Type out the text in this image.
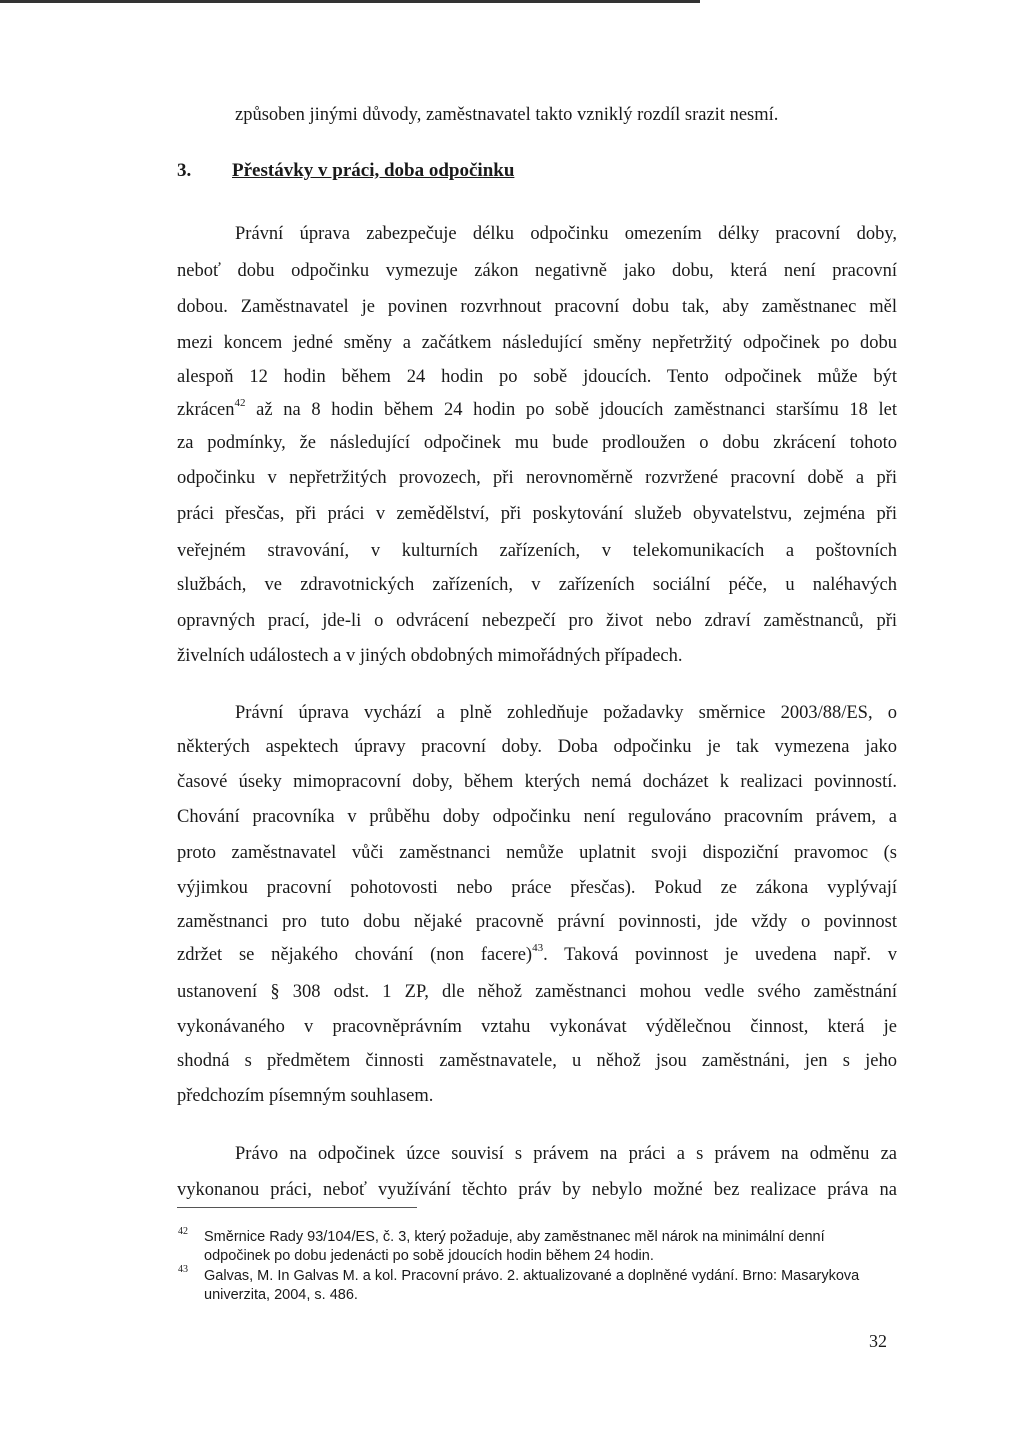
způsoben jinými důvody, zaměstnavatel takto vzniklý rozdíl srazit nesmí.
3. Přestávky v práci, doba odpočinku
Právní úprava zabezpečuje délku odpočinku omezením délky pracovní doby,
neboť dobu odpočinku vymezuje zákon negativně jako dobu, která není pracovní
dobou. Zaměstnavatel je povinen rozvrhnout pracovní dobu tak, aby zaměstnanec měl
mezi koncem jedné směny a začátkem následující směny nepřetržitý odpočinek po dobu
alespoň 12 hodin během 24 hodin po sobě jdoucích. Tento odpočinek může být
zkrácen$^{42}$ až na 8 hodin během 24 hodin po sobě jdoucích zaměstnanci staršímu 18 let
za podmínky, že následující odpočinek mu bude prodloužen o dobu zkrácení tohoto
odpočinku v nepřetržitých provozech, při nerovnoměrně rozvržené pracovní době a při
práci přesčas, při práci v zemědělství, při poskytování služeb obyvatelstvu, zejména při
veřejném stravování, v kulturních zařízeních, v telekomunikacích a poštovních
službách, ve zdravotnických zařízeních, v zařízeních sociální péče, u naléhavých
opravných prací, jde-li o odvrácení nebezpečí pro život nebo zdraví zaměstnanců, při
živelních událostech a v jiných obdobných mimořádných případech.
Právní úprava vychází a plně zohledňuje požadavky směrnice 2003/88/ES, o
některých aspektech úpravy pracovní doby. Doba odpočinku je tak vymezena jako
časové úseky mimopracovní doby, během kterých nemá docházet k realizaci povinností.
Chování pracovníka v průběhu doby odpočinku není regulováno pracovním právem, a
proto zaměstnavatel vůči zaměstnanci nemůže uplatnit svoji dispoziční pravomoc (s
výjimkou pracovní pohotovosti nebo práce přesčas). Pokud ze zákona vyplývají
zaměstnanci pro tuto dobu nějaké pracovně právní povinnosti, jde vždy o povinnost
zdržet se nějakého chování (non facere)$^{43}$. Taková povinnost je uvedena např. v
ustanovení § 308 odst. 1 ZP, dle něhož zaměstnanci mohou vedle svého zaměstnání
vykonávaného v pracovněprávním vztahu vykonávat výdělečnou činnost, která je
shodná s předmětem činnosti zaměstnavatele, u něhož jsou zaměstnáni, jen s jeho
předchozím písemným souhlasem.
Právo na odpočinek úzce souvisí s právem na práci a s právem na odměnu za
vykonanou práci, neboť využívání těchto práv by nebylo možné bez realizace práva na
42 Směrnice Rady 93/104/ES, č. 3, který požaduje, aby zaměstnanec měl nárok na minimální denní
odpočinek po dobu jedenácti po sobě jdoucích hodin během 24 hodin.
43 Galvas, M. In Galvas M. a kol. Pracovní právo. 2. aktualizované a doplněné vydání. Brno: Masarykova
univerzita, 2004, s. 486.
32
